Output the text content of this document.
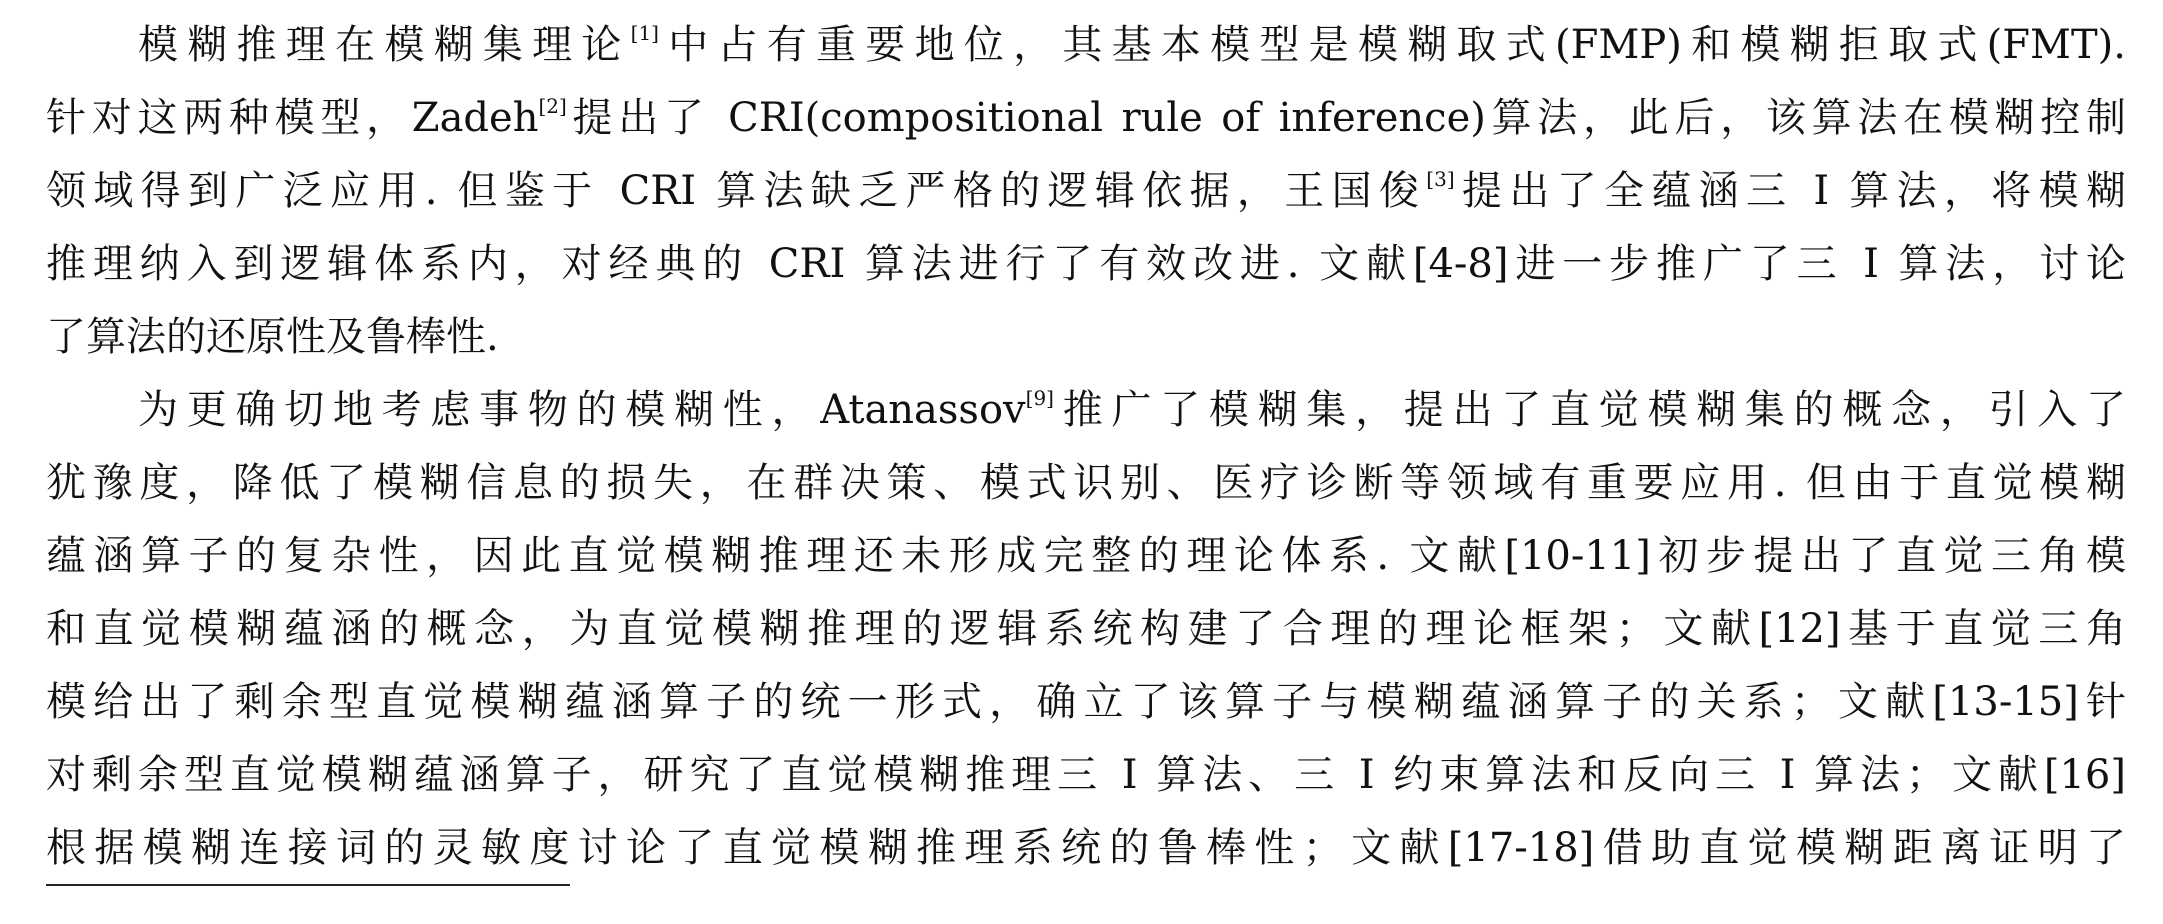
模糊推理在模糊集理论[1]中占有重要地位，其基本模型是模糊取式(FMP)和模糊拒取式(FMT).
针对这两种模型，Zadeh[2]提出了 CRI(compositional rule of inference)算法，此后，该算法在模糊控制
领域得到广泛应用. 但鉴于 CRI 算法缺乏严格的逻辑依据，王国俊[3]提出了全蕴涵三 I 算法，将模糊
推理纳入到逻辑体系内，对经典的 CRI 算法进行了有效改进. 文献[4-8]进一步推广了三 I 算法，讨论
了算法的还原性及鲁棒性.
为更确切地考虑事物的模糊性，Atanassov[9]推广了模糊集，提出了直觉模糊集的概念，引入了
犹豫度，降低了模糊信息的损失，在群决策、模式识别、医疗诊断等领域有重要应用. 但由于直觉模糊
蕴涵算子的复杂性，因此直觉模糊推理还未形成完整的理论体系. 文献[10-11]初步提出了直觉三角模
和直觉模糊蕴涵的概念，为直觉模糊推理的逻辑系统构建了合理的理论框架；文献[12]基于直觉三角
模给出了剩余型直觉模糊蕴涵算子的统一形式，确立了该算子与模糊蕴涵算子的关系；文献[13-15]针
对剩余型直觉模糊蕴涵算子，研究了直觉模糊推理三 I 算法、三 I 约束算法和反向三 I 算法；文献[16]
根据模糊连接词的灵敏度讨论了直觉模糊推理系统的鲁棒性；文献[17-18]借助直觉模糊距离证明了
